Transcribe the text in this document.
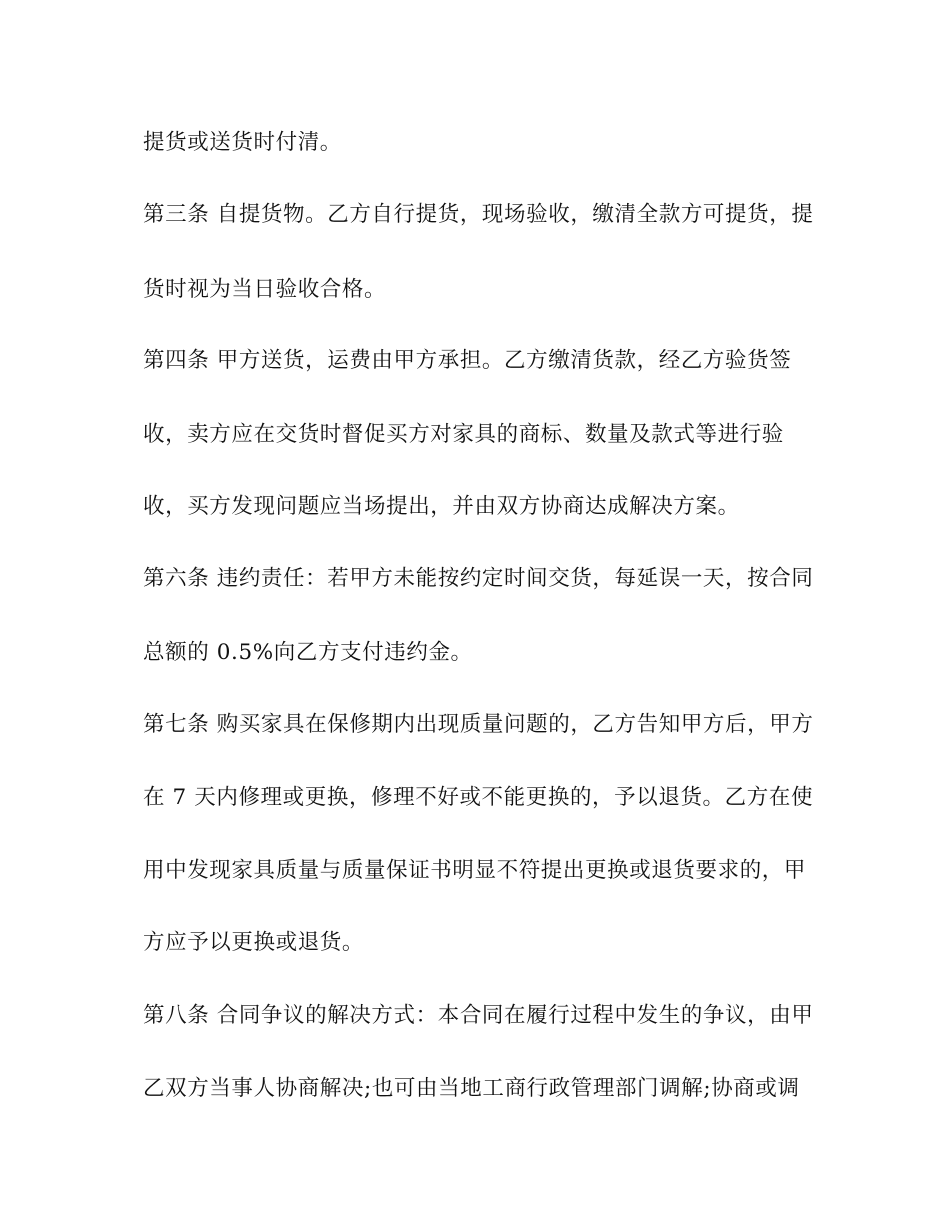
提货或送货时付清。
第三条 自提货物。乙方自行提货，现场验收，缴清全款方可提货，提
货时视为当日验收合格。
第四条 甲方送货，运费由甲方承担。乙方缴清货款，经乙方验货签
收，卖方应在交货时督促买方对家具的商标、数量及款式等进行验
收，买方发现问题应当场提出，并由双方协商达成解决方案。
第六条 违约责任：若甲方未能按约定时间交货，每延误一天，按合同
总额的 0.5%向乙方支付违约金。
第七条 购买家具在保修期内出现质量问题的，乙方告知甲方后，甲方
在 7 天内修理或更换，修理不好或不能更换的，予以退货。乙方在使
用中发现家具质量与质量保证书明显不符提出更换或退货要求的，甲
方应予以更换或退货。
第八条 合同争议的解决方式：本合同在履行过程中发生的争议，由甲
乙双方当事人协商解决;也可由当地工商行政管理部门调解;协商或调
